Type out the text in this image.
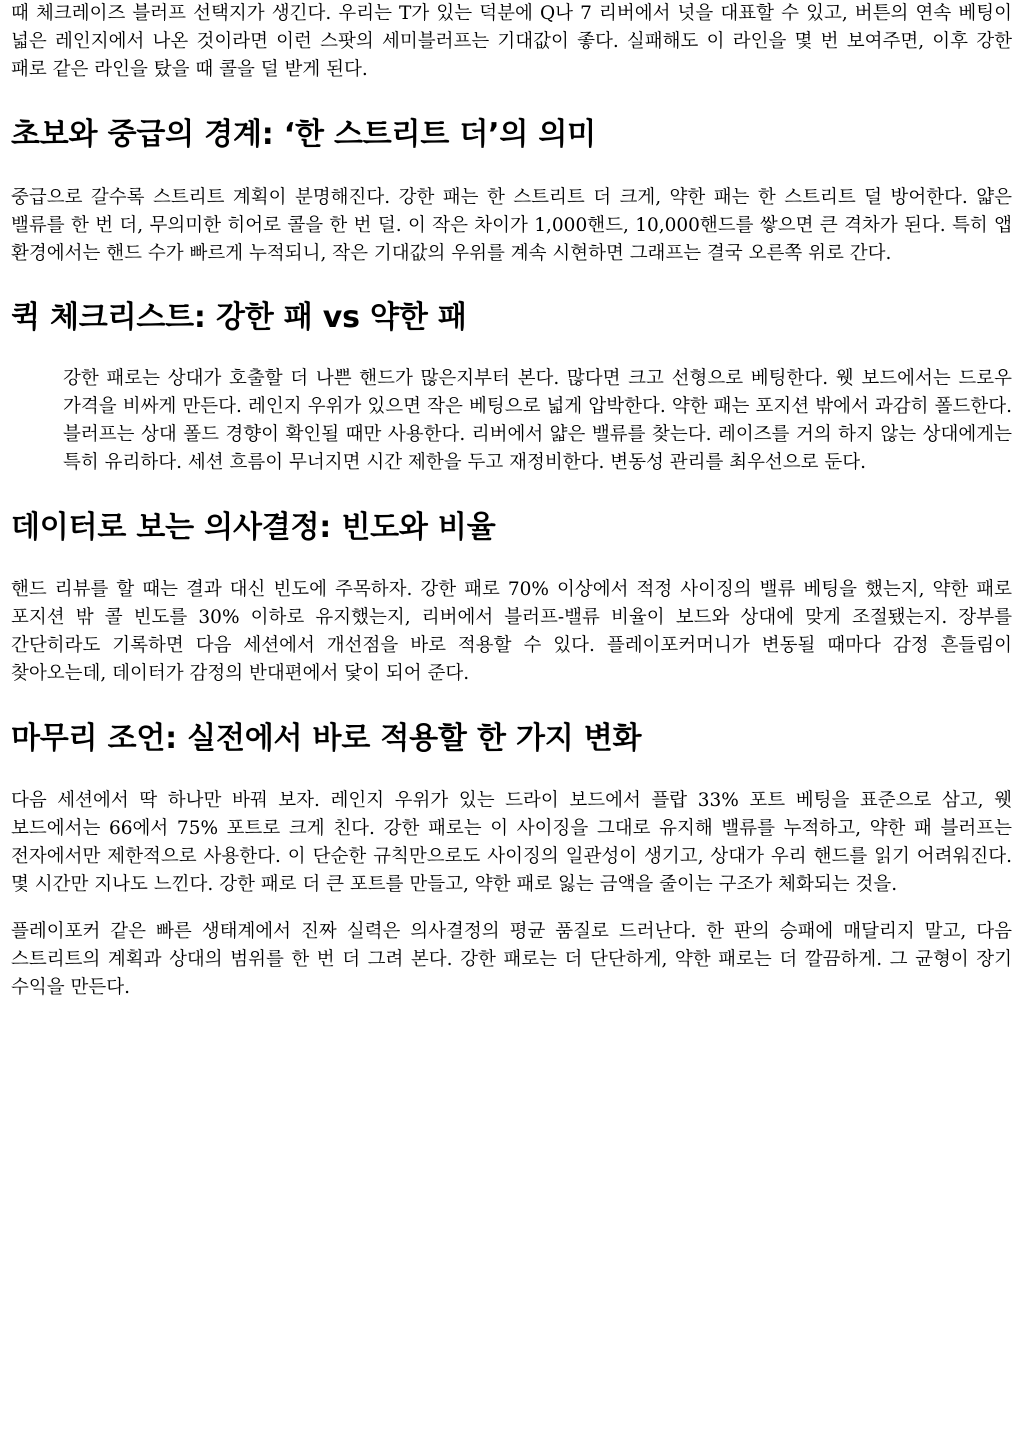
때 체크레이즈 블러프 선택지가 생긴다. 우리는 T가 있는 덕분에 Q나 7 리버에서 넛을 대표할 수 있고, 버튼의 연속 베팅이 넓은 레인지에서 나온 것이라면 이런 스팟의 세미블러프는 기대값이 좋다. 실패해도 이 라인을 몇 번 보여주면, 이후 강한 패로 같은 라인을 탔을 때 콜을 덜 받게 된다.

초보와 중급의 경계: ‘한 스트리트 더’의 의미

중급으로 갈수록 스트리트 계획이 분명해진다. 강한 패는 한 스트리트 더 크게, 약한 패는 한 스트리트 덜 방어한다. 얇은 밸류를 한 번 더, 무의미한 히어로 콜을 한 번 덜. 이 작은 차이가 1,000핸드, 10,000핸드를 쌓으면 큰 격차가 된다. 특히 앱 환경에서는 핸드 수가 빠르게 누적되니, 작은 기대값의 우위를 계속 시현하면 그래프는 결국 오른쪽 위로 간다.

퀵 체크리스트: 강한 패 vs 약한 패

강한 패로는 상대가 호출할 더 나쁜 핸드가 많은지부터 본다. 많다면 크고 선형으로 베팅한다. 웻 보드에서는 드로우 가격을 비싸게 만든다. 레인지 우위가 있으면 작은 베팅으로 넓게 압박한다. 약한 패는 포지션 밖에서 과감히 폴드한다. 블러프는 상대 폴드 경향이 확인될 때만 사용한다. 리버에서 얇은 밸류를 찾는다. 레이즈를 거의 하지 않는 상대에게는 특히 유리하다. 세션 흐름이 무너지면 시간 제한을 두고 재정비한다. 변동성 관리를 최우선으로 둔다.

데이터로 보는 의사결정: 빈도와 비율

핸드 리뷰를 할 때는 결과 대신 빈도에 주목하자. 강한 패로 70% 이상에서 적정 사이징의 밸류 베팅을 했는지, 약한 패로 포지션 밖 콜 빈도를 30% 이하로 유지했는지, 리버에서 블러프-밸류 비율이 보드와 상대에 맞게 조절됐는지. 장부를 간단히라도 기록하면 다음 세션에서 개선점을 바로 적용할 수 있다. 플레이포커머니가 변동될 때마다 감정 흔들림이 찾아오는데, 데이터가 감정의 반대편에서 닻이 되어 준다.

마무리 조언: 실전에서 바로 적용할 한 가지 변화

다음 세션에서 딱 하나만 바꿔 보자. 레인지 우위가 있는 드라이 보드에서 플랍 33% 포트 베팅을 표준으로 삼고, 웻 보드에서는 66에서 75% 포트로 크게 친다. 강한 패로는 이 사이징을 그대로 유지해 밸류를 누적하고, 약한 패 블러프는 전자에서만 제한적으로 사용한다. 이 단순한 규칙만으로도 사이징의 일관성이 생기고, 상대가 우리 핸드를 읽기 어려워진다. 몇 시간만 지나도 느낀다. 강한 패로 더 큰 포트를 만들고, 약한 패로 잃는 금액을 줄이는 구조가 체화되는 것을.

플레이포커 같은 빠른 생태계에서 진짜 실력은 의사결정의 평균 품질로 드러난다. 한 판의 승패에 매달리지 말고, 다음 스트리트의 계획과 상대의 범위를 한 번 더 그려 본다. 강한 패로는 더 단단하게, 약한 패로는 더 깔끔하게. 그 균형이 장기 수익을 만든다.
